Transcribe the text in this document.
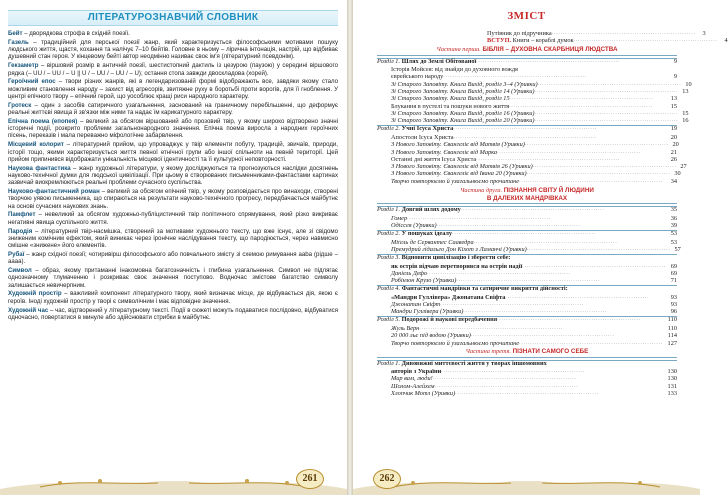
ЛІТЕРАТУРОЗНАВЧИЙ СЛОВНИК
Бейт – дворядкова строфа в східній поезії.
Газель – традиційний для перської поезії жанр, який характеризується філософськими мотивами пошуку людського життя, щастя, кохання та налічує 7–10 бейтів. Головне в ньому – лірична інтонація, настрій, що відбиває душевний стан героя. У кінцевому бейті автор неодмінно називає своє ім'я (літературний псевдонім).
Гекзаметр – віршовий розмір в античній поезії, шестистопний дактиль із цезурою (паузою) у середині віршового рядка (– UU / – UU / – U || U / – UU / – UU / – U); остання стопа завжди двоскладова (хорей).
Героїчний епос – твори різних жанрів, які в легендаризованій формі відображають все, завдяки якому стало можливим становлення народу – захист від агресорів, звитяжне руху в боротьбі проти ворогів, для її гноблення. У центрі епічного твору – епічний герой, що уособлює кращі риси народного характеру.
Гротеск – один з засобів сатиричного узагальнення, заснований на граничному перебільшенні, що деформує реальні життєві явища й зв'язки між ними та надає їм карикатурного характеру.
Епічна поема (епопея) – великий за обсягом віршований або прозовий твір, у якому широко відтворено значні історичні події, розкрито проблеми загальнонародного значення. Епічна поема виросла з народних героїчних пісень, переказів і мала переважно міфологічне забарвлення.
Місцевий колорит – літературний прийом, що упроваджує у твір елементи побуту, традицій, звичаїв, природи, історії тощо, якими характеризується життя певної етнічної групи або іншої спільноти на певній території. Цей прийом припинився відображати унікальність місцевої ідентичності та її культурної неповторності.
Наукова фантастика – жанр художньої літератури, у якому досліджуються та прогнозуються наслідки досягнень науково-технічної думки для людської цивілізації. При цьому в створюваних письменниками-фантастами картинах зазвичай виокремлюються реальні проблеми сучасного суспільства.
Науково-фантастичний роман – великий за обсягом епічний твір, у якому розповідається про винаходи, створені творчою уявою письменника, що спираються на результати науково-технічного прогресу, передбачається майбутнє на основі сучасних наукових знань.
Памфлет – невеликий за обсягом художньо-публіцистичний твір політичного спрямування, який різко викриває негативні явища суспільного життя.
Пародія – літературний твір-насмішка, створений за мотивами художнього тексту, що вже існує, але зі свідомо зниженим комічним ефектом, який виникає через іронічне наслідування тексту, що пародіюється, через навмисно смішне «знижене» його елементів.
Рубаї – жанр східної поезії; чотиривірш філософського або повчального змісту зі схемою римування aaba (рідше – aaaa).
Символ – образ, якому притаманні інакомовна багатозначність і глибина узагальнення. Символ не підлягає однозначному тлумаченню і розкриває своє значення поступово. Водночас змістове багатство символу залишається невичерпним.
Художній простір – важливий компонент літературного твору, який визначає місце, де відбувається дія, якою є героїв. Іноді художній простір у творі є символічним і має відповідне значення.
Художній час – час, відтворений у літературному тексті. Події в сюжеті можуть подаватися послідовно, відбуватися одночасно, повертатися в минуле або здійснювати стрибки в майбутнє.
261
ЗМІСТ
Путівник до підручника ................................................................	3
ВСТУП. Книги – кораблі думок ................................................................	4
Частина перша. БІБЛІЯ – ДУХОВНА СКАРБНИЦЯ ЛЮДСТВА
Розділ 1. Шлях до Землі Обітованої ................................................................	9
Історія Мойсея: від знайди до духовного вождя
єврейського народу ................................................................	9
Зі Старого Заповіту. Книга Вихід, розділ 3–4 (Уривки) ................................................................ 10
Зі Старого Заповіту. Книга Вихід, розділ 14 (Уривки) ................................................................ 13
Зі Старого Заповіту. Книга Вихід, розділ 15 ................................................................	13
Блукання в пустелі та пошуки нового життя ................................................................	15
Зі Старого Заповіту. Книга Вихід, розділ 16 (Уривки) ................................................................ 15
Зі Старого Заповіту. Книга Вихід, розділ 20 (Уривки) ................................................................ 16
Розділ 2. Учні Ісуса Христа ................................................................	19
Апостоли Ісуса Христа ................................................................	20
З Нового Заповіту. Євангеліє від Матвія (Уривки) ................................................................ 20
З Нового Заповіту. Євангеліє від Марка ................................................................	21
Останні дні життя Ісуса Христа ................................................................	26
З Нового Заповіту. Євангеліє від Матвія 26 (Уривки) ................................................................ 27
З Нового Заповіту. Євангеліє від Івана 20 (Уривки) ................................................................ 30
Творчо повторюємо й узагальнюємо прочитане ................................................................	34
Частина друга. ПІЗНАННЯ СВІТУ Й ЛЮДИНИ
В ДАЛЕКИХ МАНДРІВКАХ
Розділ 1. Довгий шлях додому ................................................................	35
Гомер ................................................................	36
Одіссея (Уривки) ................................................................	39
Розділ 2. У пошуках ідеалу ................................................................	53
Міґель де Сервантес Сааведра ................................................................	53
Премудрий гідальго Дон Кіхот з Ламанчі (Уривки) ................................................................ 57
Розділ 3. Відновити цивілізацію і зберегти себе:
як острів відчаю перетворився на острів надії ................................................................ 69
Даніель Дефо ................................................................	69
Робінзон Крузо (Уривки) ................................................................	71
Розділ 4. Фантастичні мандрівки та сатиричне викриття дійсності:
«Мандри Гуллівера» Джонатана Свіфта ................................................................	93
Джонатан Свіфт ................................................................	93
Мандри Гуллівера (Уривки) ................................................................	96
Розділ 5. Подорожі й наукові передбачення ................................................................	110
Жуль Верн ................................................................	110
20 000 льє під водою (Уривки) ................................................................	114
Творчо повторюємо й узагальнюємо прочитане ................................................................ 127
Частина третя. ПІЗНАТИ САМОГО СЕБЕ
Розділ 1. Дивовижні миттєвості життя у творах іншомовних
авторів з України ................................................................	130
Мир вам, люди! ................................................................	130
Шолом-Алейхем ................................................................	131
Хлопчик Мотл (Уривки) ................................................................	133
262
